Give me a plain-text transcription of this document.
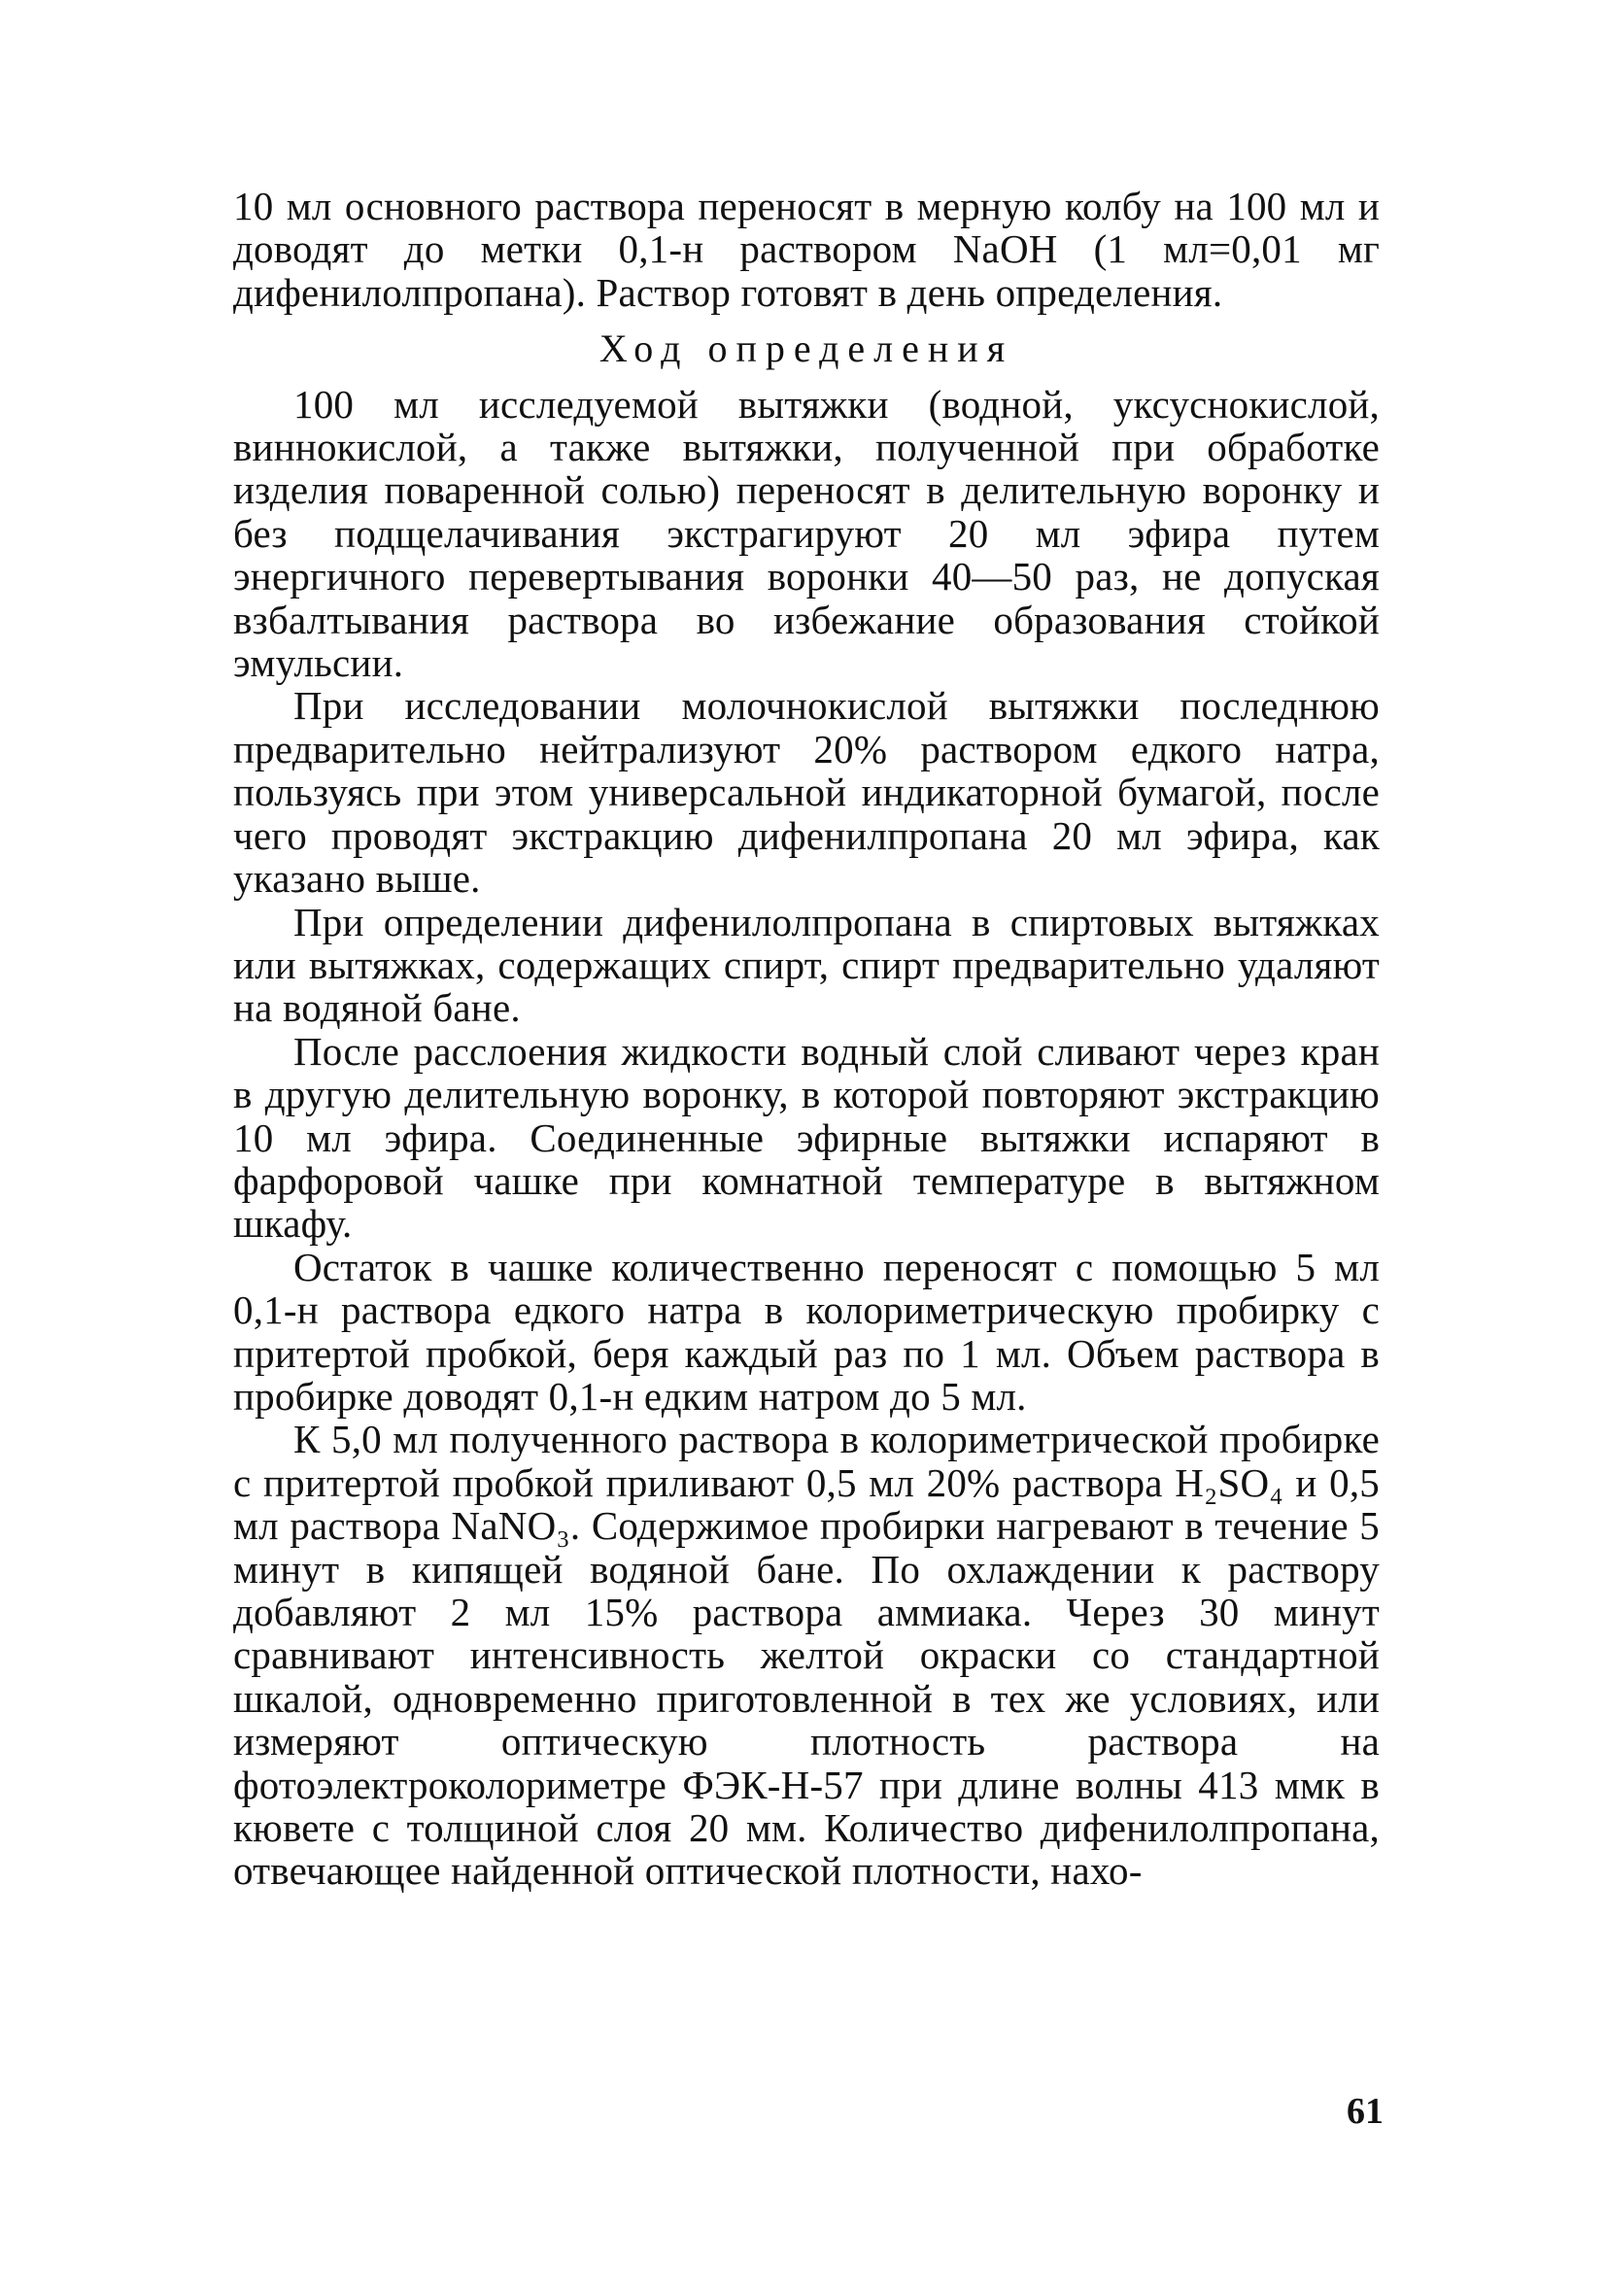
10 мл основного раствора переносят в мерную колбу на 100 мл и доводят до метки 0,1-н раствором NaOH (1 мл=0,01 мг дифенилолпропана). Раствор готовят в день определения.

Ход определения

100 мл исследуемой вытяжки (водной, уксуснокислой, виннокислой, а также вытяжки, полученной при обработке изделия поваренной солью) переносят в делительную воронку и без подщелачивания экстрагируют 20 мл эфира путем энергичного перевертывания воронки 40—50 раз, не допуская взбалтывания раствора во избежание образования стойкой эмульсии.

При исследовании молочнокислой вытяжки последнюю предварительно нейтрализуют 20% раствором едкого натра, пользуясь при этом универсальной индикаторной бумагой, после чего проводят экстракцию дифенилпропана 20 мл эфира, как указано выше.

При определении дифенилолпропана в спиртовых вытяжках или вытяжках, содержащих спирт, спирт предварительно удаляют на водяной бане.

После расслоения жидкости водный слой сливают через кран в другую делительную воронку, в которой повторяют экстракцию 10 мл эфира. Соединенные эфирные вытяжки испаряют в фарфоровой чашке при комнатной температуре в вытяжном шкафу.

Остаток в чашке количественно переносят с помощью 5 мл 0,1-н раствора едкого натра в колориметрическую пробирку с притертой пробкой, беря каждый раз по 1 мл. Объем раствора в пробирке доводят 0,1-н едким натром до 5 мл.

К 5,0 мл полученного раствора в колориметрической пробирке с притертой пробкой приливают 0,5 мл 20% раствора H₂SO₄ и 0,5 мл раствора NaNO₃. Содержимое пробирки нагревают в течение 5 минут в кипящей водяной бане. По охлаждении к раствору добавляют 2 мл 15% раствора аммиака. Через 30 минут сравнивают интенсивность желтой окраски со стандартной шкалой, одновременно приготовленной в тех же условиях, или измеряют оптическую плотность раствора на фотоэлектроколориметре ФЭК-Н-57 при длине волны 413 ммк в кювете с толщиной слоя 20 мм. Количество дифенилолпропана, отвечающее найденной оптической плотности, нахо-

61
